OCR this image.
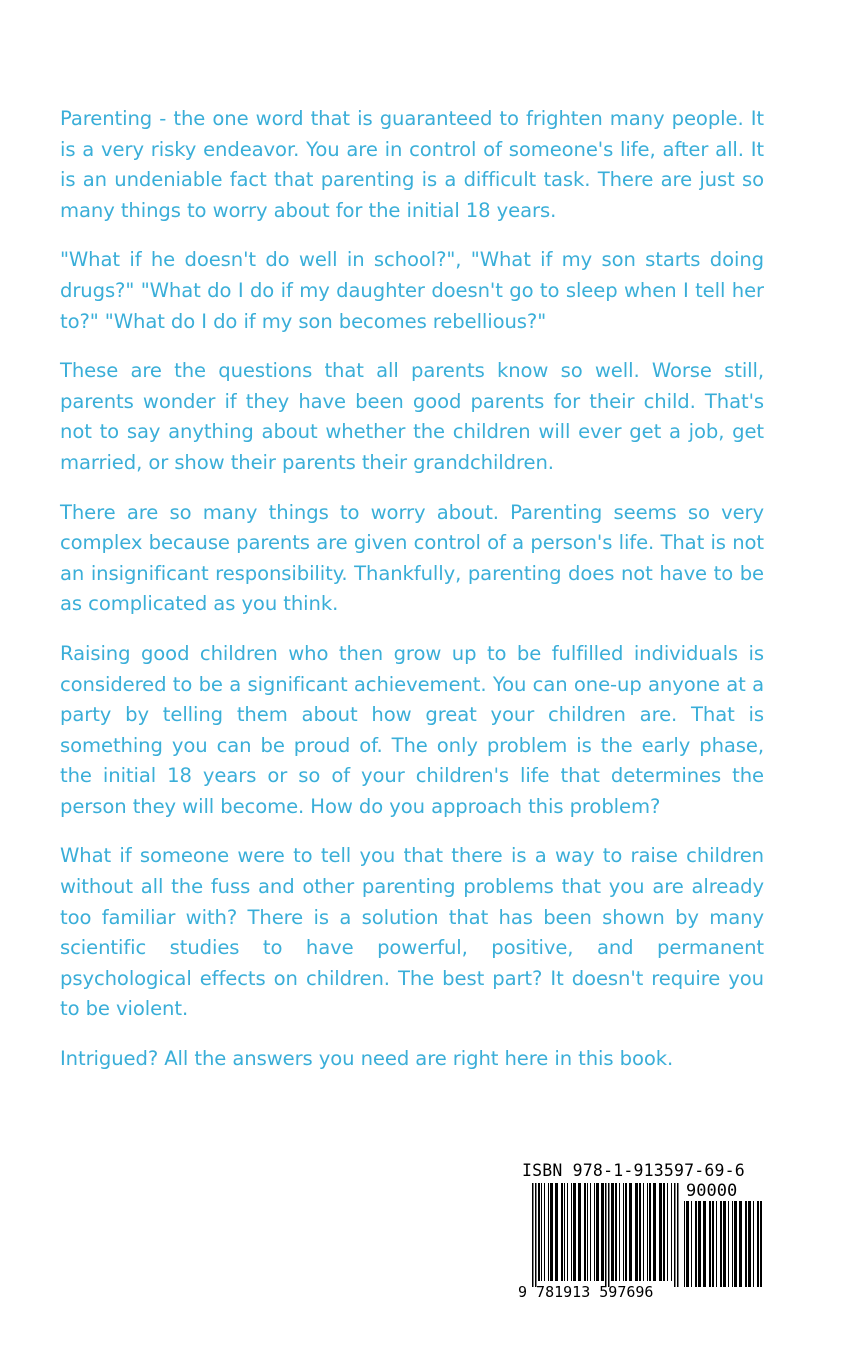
Parenting - the one word that is guaranteed to frighten many people. It is a very risky endeavor. You are in control of someone's life, after all. It is an undeniable fact that parenting is a difficult task. There are just so many things to worry about for the initial 18 years.

"What if he doesn't do well in school?", "What if my son starts doing drugs?" "What do I do if my daughter doesn't go to sleep when I tell her to?" "What do I do if my son becomes rebellious?"

These are the questions that all parents know so well. Worse still, parents wonder if they have been good parents for their child. That's not to say anything about whether the children will ever get a job, get married, or show their parents their grandchildren.

There are so many things to worry about. Parenting seems so very complex because parents are given control of a person's life. That is not an insignificant responsibility. Thankfully, parenting does not have to be as complicated as you think.

Raising good children who then grow up to be fulfilled individuals is considered to be a significant achievement. You can one-up anyone at a party by telling them about how great your children are. That is something you can be proud of. The only problem is the early phase, the initial 18 years or so of your children's life that determines the person they will become. How do you approach this problem?

What if someone were to tell you that there is a way to raise children without all the fuss and other parenting problems that you are already too familiar with? There is a solution that has been shown by many scientific studies to have powerful, positive, and permanent psychological effects on children. The best part? It doesn't require you to be violent.

Intrigued? All the answers you need are right here in this book.

ISBN 978-1-913597-69-6
90000
9 781913 597696
